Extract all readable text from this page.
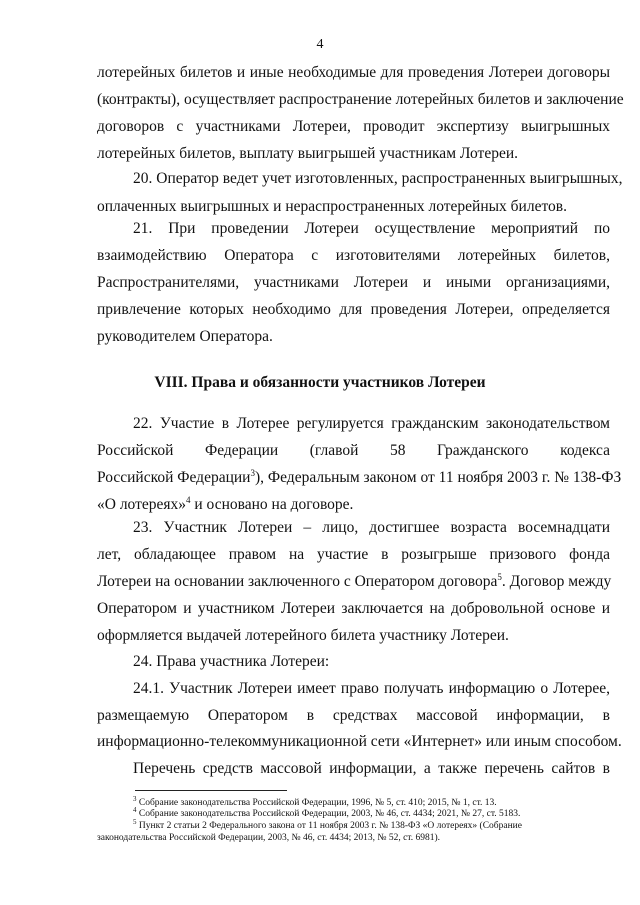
4
лотерейных билетов и иные необходимые для проведения Лотереи договоры
(контракты), осуществляет распространение лотерейных билетов и заключение
договоров с участниками Лотереи, проводит экспертизу выигрышных
лотерейных билетов, выплату выигрышей участникам Лотереи.
20. Оператор ведет учет изготовленных, распространенных выигрышных,
оплаченных выигрышных и нераспространенных лотерейных билетов.
21. При проведении Лотереи осуществление мероприятий по
взаимодействию Оператора с изготовителями лотерейных билетов,
Распространителями, участниками Лотереи и иными организациями,
привлечение которых необходимо для проведения Лотереи, определяется
VIII. Права и обязанности участников Лотереи
22. Участие в Лотерее регулируется гражданским законодательством
Российской Федерации (главой 58 Гражданского кодекса
Российской Федерации$^3$), Федеральным законом от 11 ноября 2003 г. № 138-ФЗ
«О лотереях»$^4$ и основано на договоре.
23. Участник Лотереи – лицо, достигшее возраста восемнадцати
лет, обладающее правом на участие в розыгрыше призового фонда
Лотереи на основании заключенного с Оператором договора$^5$. Договор между
Оператором и участником Лотереи заключается на добровольной основе и
оформляется выдачей лотерейного билета участнику Лотереи.
24. Права участника Лотереи:
24.1. Участник Лотереи имеет право получать информацию о Лотерее,
размещаемую Оператором в средствах массовой информации, в
$^3$ Собрание законодательства Российской Федерации, 1996, № 5, ст. 410; 2015, № 1, ст. 13.
$^4$ Собрание законодательства Российской Федерации, 2003, № 46, ст. 4434; 2021, № 27, ст. 5183.
$^5$ Пункт 2 статьи 2 Федерального закона от 11 ноября 2003 г. № 138-ФЗ «О лотереях» (Собрание
законодательства Российской Федерации, 2003, № 46, ст. 4434; 2013, № 52, ст. 6981).
руководителем Оператора.
информационно-телекоммуникационной сети «Интернет» или иным способом.
Перечень средств массовой информации, а также перечень сайтов в
